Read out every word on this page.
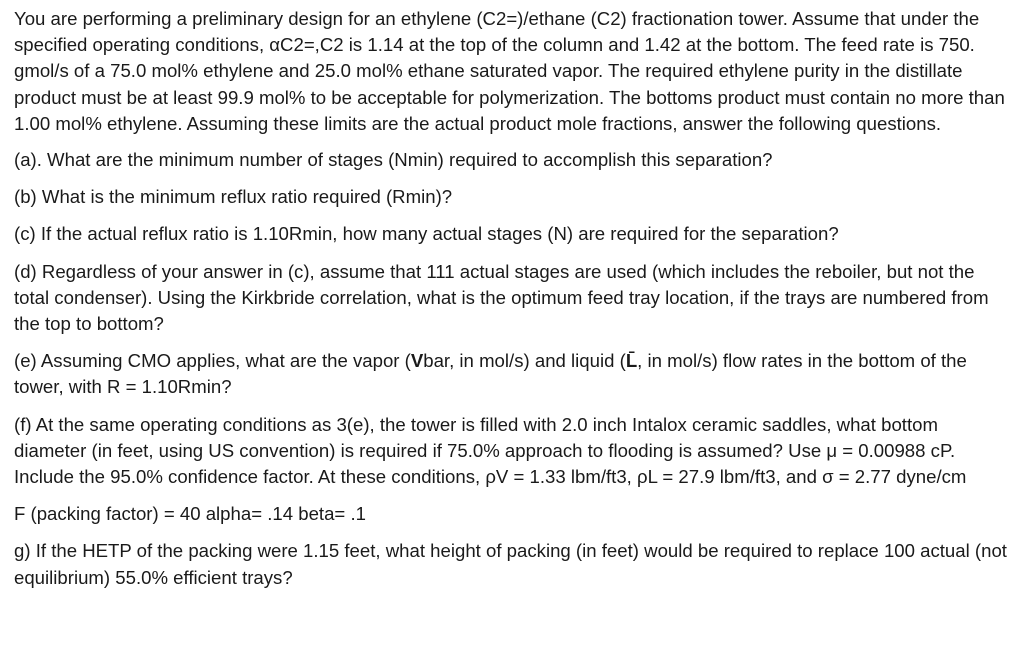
You are performing a preliminary design for an ethylene (C2=)/ethane (C2) fractionation tower. Assume that under the specified operating conditions, αC2=,C2 is 1.14 at the top of the column and 1.42 at the bottom. The feed rate is 750. gmol/s of a 75.0 mol% ethylene and 25.0 mol% ethane saturated vapor. The required ethylene purity in the distillate product must be at least 99.9 mol% to be acceptable for polymerization. The bottoms product must contain no more than 1.00 mol% ethylene. Assuming these limits are the actual product mole fractions, answer the following questions.

(a). What are the minimum number of stages (Nmin) required to accomplish this separation?

(b) What is the minimum reflux ratio required (Rmin)?

(c) If the actual reflux ratio is 1.10Rmin, how many actual stages (N) are required for the separation?

(d) Regardless of your answer in (c), assume that 111 actual stages are used (which includes the reboiler, but not the total condenser). Using the Kirkbride correlation, what is the optimum feed tray location, if the trays are numbered from the top to bottom?

(e) Assuming CMO applies, what are the vapor (Vbar, in mol/s) and liquid (L̄, in mol/s) flow rates in the bottom of the tower, with R = 1.10Rmin?

(f) At the same operating conditions as 3(e), the tower is filled with 2.0 inch Intalox ceramic saddles, what bottom diameter (in feet, using US convention) is required if 75.0% approach to flooding is assumed? Use μ = 0.00988 cP. Include the 95.0% confidence factor. At these conditions, ρV = 1.33 lbm/ft3, ρL = 27.9 lbm/ft3, and σ = 2.77 dyne/cm

F (packing factor) = 40 alpha= .14 beta= .1

g) If the HETP of the packing were 1.15 feet, what height of packing (in feet) would be required to replace 100 actual (not equilibrium) 55.0% efficient trays?
